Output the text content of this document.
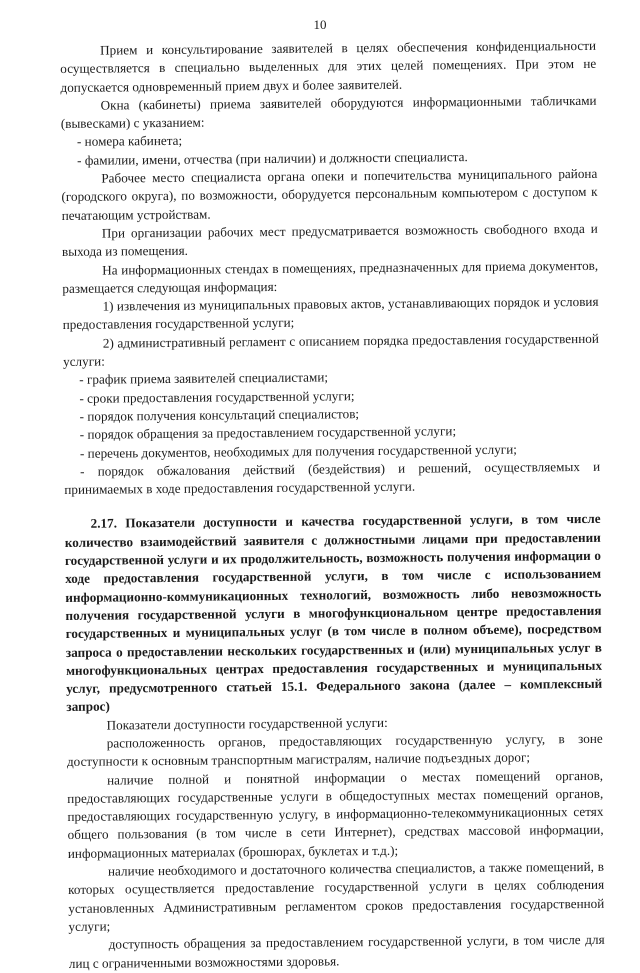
10

Прием и консультирование заявителей в целях обеспечения конфиденциальности осуществляется в специально выделенных для этих целей помещениях. При этом не допускается одновременный прием двух и более заявителей.

Окна (кабинеты) приема заявителей оборудуются информационными табличками (вывесками) с указанием:

- номера кабинета;

- фамилии, имени, отчества (при наличии) и должности специалиста.

Рабочее место специалиста органа опеки и попечительства муниципального района (городского округа), по возможности, оборудуется персональным компьютером с доступом к печатающим устройствам.

При организации рабочих мест предусматривается возможность свободного входа и выхода из помещения.

На информационных стендах в помещениях, предназначенных для приема документов, размещается следующая информация:

1) извлечения из муниципальных правовых актов, устанавливающих порядок и условия предоставления государственной услуги;

2) административный регламент с описанием порядка предоставления государственной услуги:

- график приема заявителей специалистами;

- сроки предоставления государственной услуги;

- порядок получения консультаций специалистов;

- порядок обращения за предоставлением государственной услуги;

- перечень документов, необходимых для получения государственной услуги;

- порядок обжалования действий (бездействия) и решений, осуществляемых и принимаемых в ходе предоставления государственной услуги.

2.17. Показатели доступности и качества государственной услуги, в том числе количество взаимодействий заявителя с должностными лицами при предоставлении государственной услуги и их продолжительность, возможность получения информации о ходе предоставления государственной услуги, в том числе с использованием информационно-коммуникационных технологий, возможность либо невозможность получения государственной услуги в многофункциональном центре предоставления государственных и муниципальных услуг (в том числе в полном объеме), посредством запроса о предоставлении нескольких государственных и (или) муниципальных услуг в многофункциональных центрах предоставления государственных и муниципальных услуг, предусмотренного статьей 15.1. Федерального закона (далее – комплексный запрос)

Показатели доступности государственной услуги:

расположенность органов, предоставляющих государственную услугу, в зоне доступности к основным транспортным магистралям, наличие подъездных дорог;

наличие полной и понятной информации о местах помещений органов, предоставляющих государственные услуги в общедоступных местах помещений органов, предоставляющих государственную услугу, в информационно-телекоммуникационных сетях общего пользования (в том числе в сети Интернет), средствах массовой информации, информационных материалах (брошюрах, буклетах и т.д.);

наличие необходимого и достаточного количества специалистов, а также помещений, в которых осуществляется предоставление государственной услуги в целях соблюдения установленных Административным регламентом сроков предоставления государственной услуги;

доступность обращения за предоставлением государственной услуги, в том числе для лиц с ограниченными возможностями здоровья.
